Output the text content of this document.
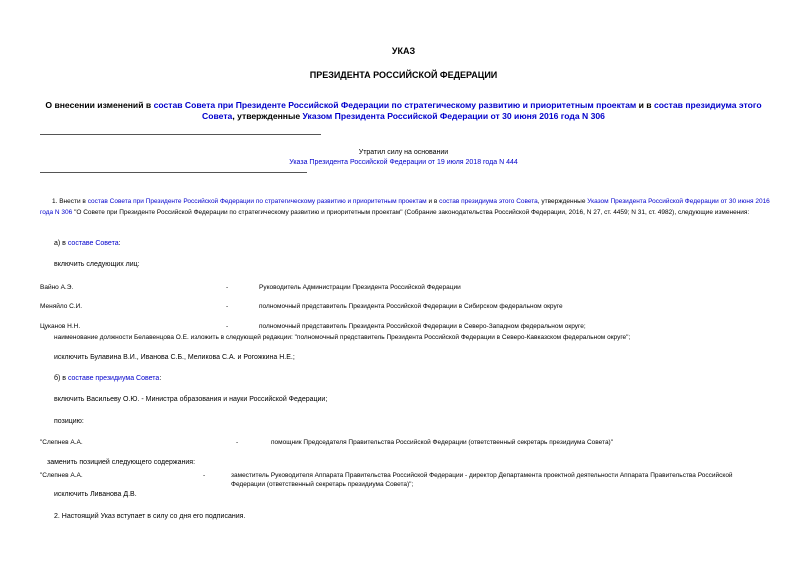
УКАЗ
ПРЕЗИДЕНТА РОССИЙСКОЙ ФЕДЕРАЦИИ
О внесении изменений в состав Совета при Президенте Российской Федерации по стратегическому развитию и приоритетным проектам и в состав президиума этого Совета, утвержденные Указом Президента Российской Федерации от 30 июня 2016 года N 306
Утратил силу на основании
Указа Президента Российской Федерации от 19 июля 2018 года N 444
1. Внести в состав Совета при Президенте Российской Федерации по стратегическому развитию и приоритетным проектам и в состав президиума этого Совета, утвержденные Указом Президента Российской Федерации от 30 июня 2016 года N 306 "О Совете при Президенте Российской Федерации по стратегическому развитию и приоритетным проектам" (Собрание законодательства Российской Федерации, 2016, N 27, ст. 4459; N 31, ст. 4982), следующие изменения:
а) в составе Совета:
включить следующих лиц:
Вайно А.Э.	-	Руководитель Администрации Президента Российской Федерации
Меняйло С.И.	-	полномочный представитель Президента Российской Федерации в Сибирском федеральном округе
Цуканов Н.Н.	-	полномочный представитель Президента Российской Федерации в Северо-Западном федеральном округе;
наименование должности Белавенцова О.Е. изложить в следующей редакции: "полномочный представитель Президента Российской Федерации в Северо-Кавказском федеральном округе";
исключить Булавина В.И., Иванова С.Б., Меликова С.А. и Рогожкина Н.Е.;
б) в составе президиума Совета:
включить Васильеву О.Ю. - Министра образования и науки Российской Федерации;
позицию:
"Слепнев А.А.	-	помощник Председателя Правительства Российской Федерации (ответственный секретарь президиума Совета)"
заменить позицией следующего содержания:
"Слепнев А.А.	-	заместитель Руководителя Аппарата Правительства Российской Федерации - директор Департамента проектной деятельности Аппарата Правительства Российской Федерации (ответственный секретарь президиума Совета)";
исключить Ливанова Д.В.
2. Настоящий Указ вступает в силу со дня его подписания.
